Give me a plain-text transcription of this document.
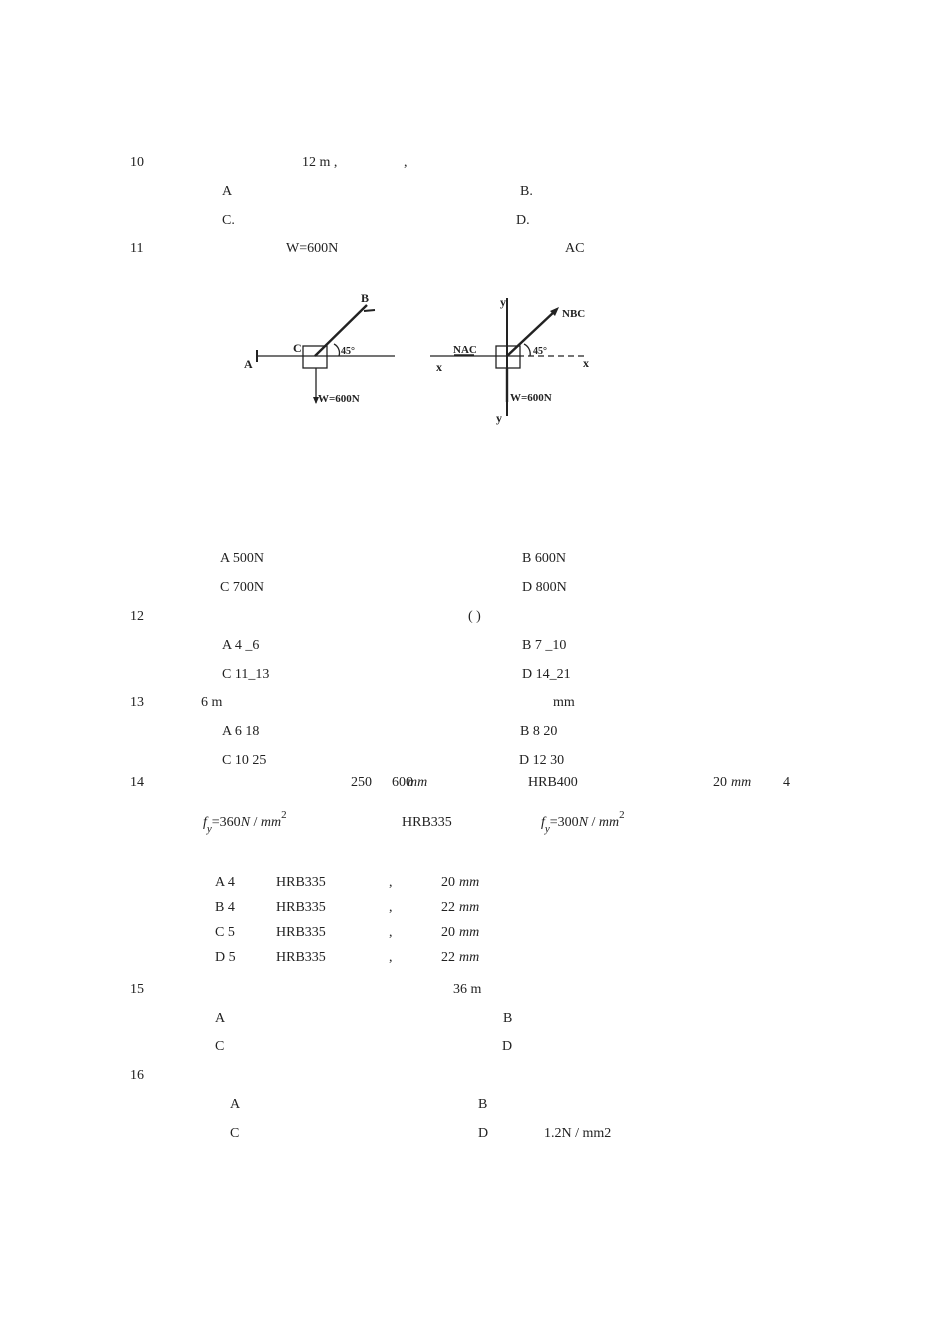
10	12 m ,	,
A	B.
C.	D.
11	W=600N	AC
B
C
A
45°
W=600N
y
y
x	x
NBC
NAC	45°
W=600N
A 500N	B 600N
C 700N	D 800N
12	( )
A 4 _6	B 7 _10
C 11_13	D 14_21
13	6 m	mm
A 6 18	B 8 20
C 10 25	D 12 30
14	250 600
mm	HRB400	20 mm 4
$f_y=360N / mm^2$	HRB335	$f_y=300N / mm^2$
A 4	HRB335	,	20 mm
B 4	HRB335	,	22 mm
C 5	HRB335	,	20 mm
D 5	HRB335	,	22 mm
15	36 m
A	B
C	D
16
A	B
C	D	1.2N / mm2
